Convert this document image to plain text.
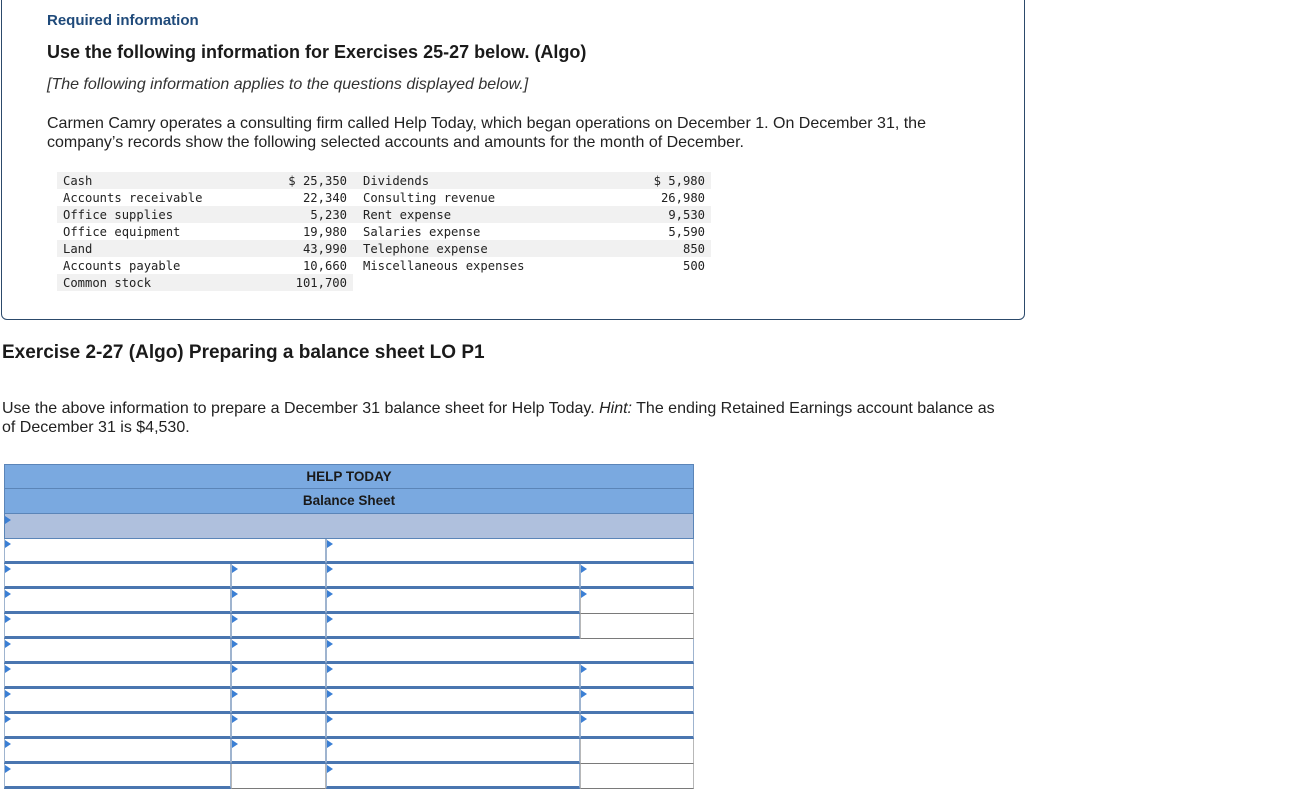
Required information
Use the following information for Exercises 25-27 below. (Algo)
[The following information applies to the questions displayed below.]
Carmen Camry operates a consulting firm called Help Today, which began operations on December 1. On December 31, the company’s records show the following selected accounts and amounts for the month of December.
Cash	$ 25,350	Dividends	$ 5,980
Accounts receivable	22,340	Consulting revenue	26,980
Office supplies	5,230	Rent expense	9,530
Office equipment	19,980	Salaries expense	5,590
Land	43,990	Telephone expense	850
Accounts payable	10,660	Miscellaneous expenses	500
Common stock	101,700		
Exercise 2-27 (Algo) Preparing a balance sheet LO P1
Use the above information to prepare a December 31 balance sheet for Help Today. Hint: The ending Retained Earnings account balance as of December 31 is $4,530.
HELP TODAY
Balance Sheet
